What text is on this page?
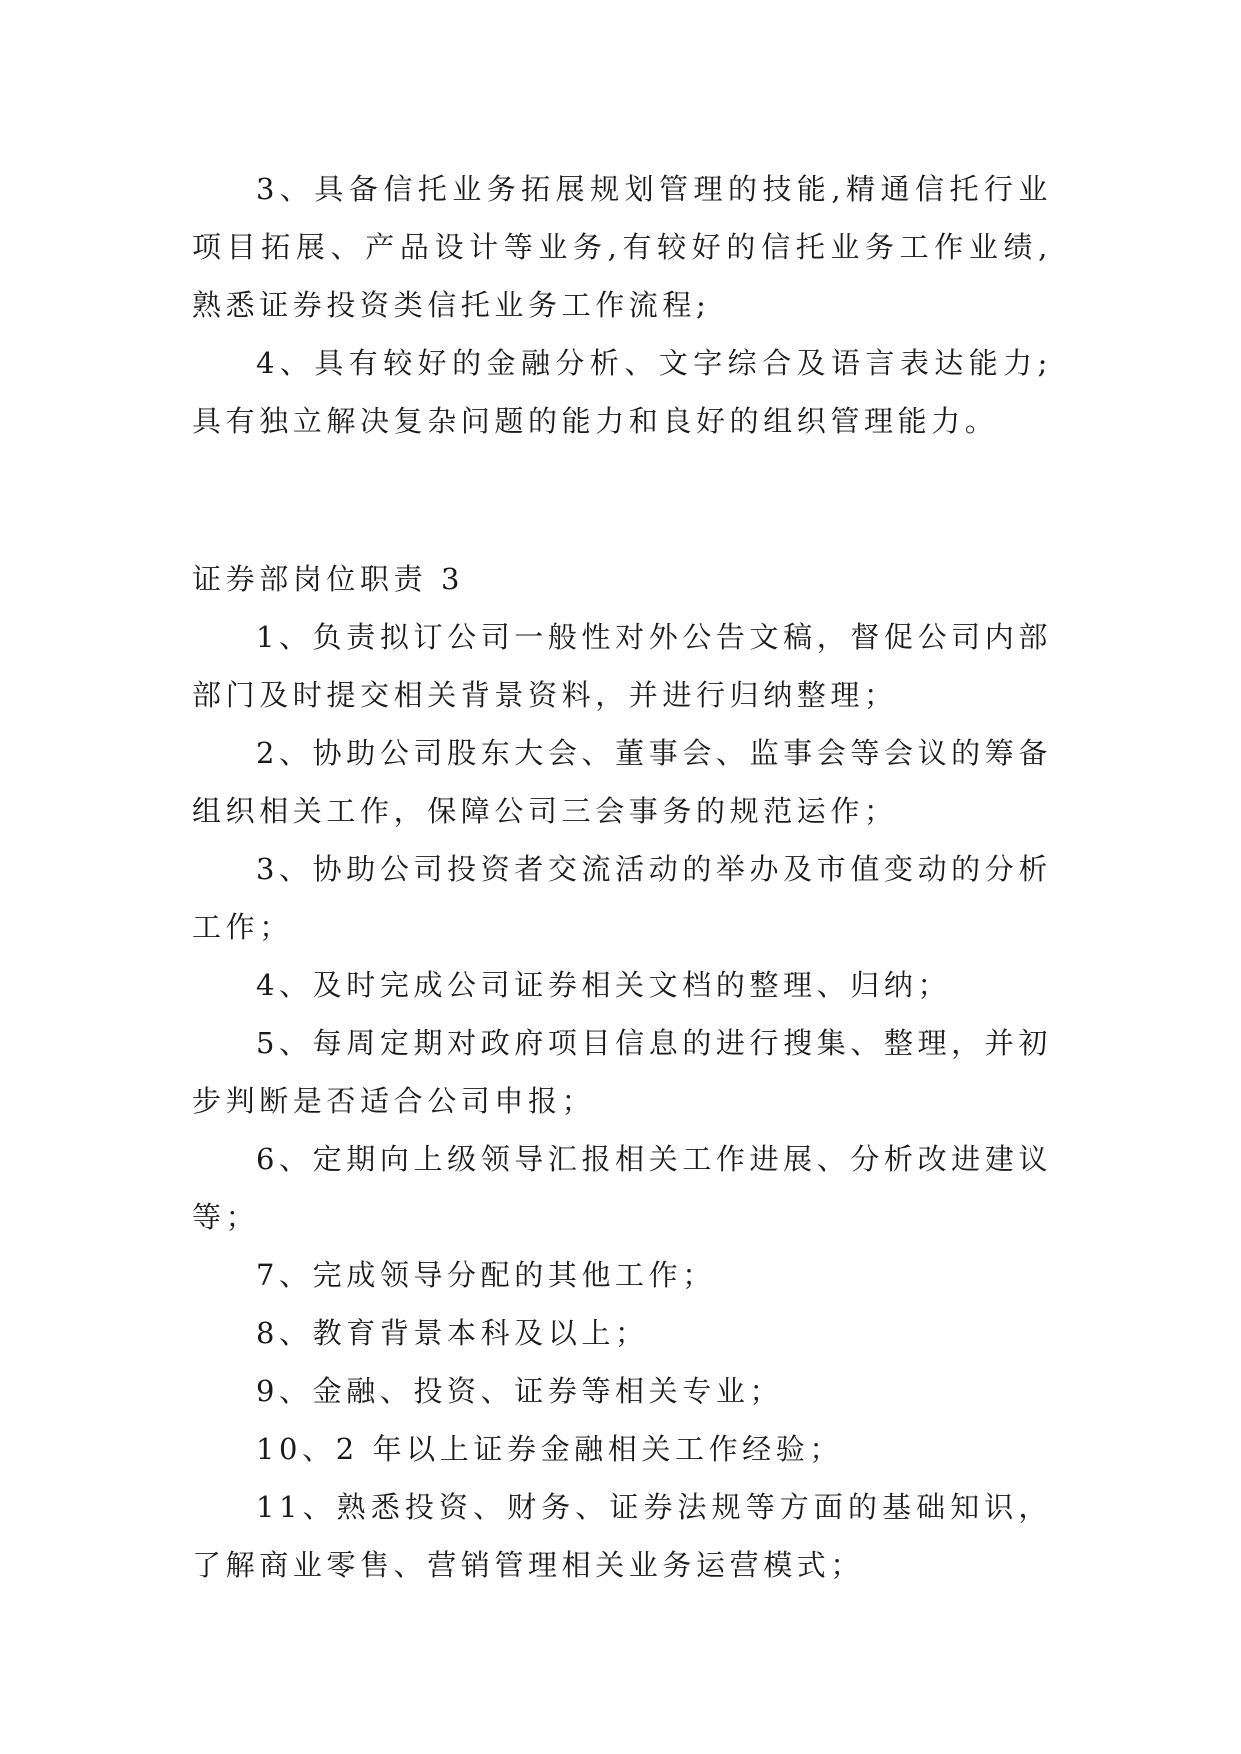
3、具备信托业务拓展规划管理的技能,精通信托行业项目拓展、产品设计等业务,有较好的信托业务工作业绩,熟悉证券投资类信托业务工作流程;

4、具有较好的金融分析、文字综合及语言表达能力;具有独立解决复杂问题的能力和良好的组织管理能力。

证券部岗位职责 3

1、负责拟订公司一般性对外公告文稿，督促公司内部部门及时提交相关背景资料，并进行归纳整理；

2、协助公司股东大会、董事会、监事会等会议的筹备组织相关工作，保障公司三会事务的规范运作；

3、协助公司投资者交流活动的举办及市值变动的分析工作；

4、及时完成公司证券相关文档的整理、归纳；

5、每周定期对政府项目信息的进行搜集、整理，并初步判断是否适合公司申报；

6、定期向上级领导汇报相关工作进展、分析改进建议等；

7、完成领导分配的其他工作；

8、教育背景本科及以上；

9、金融、投资、证券等相关专业；

10、2 年以上证券金融相关工作经验；

11、熟悉投资、财务、证券法规等方面的基础知识，了解商业零售、营销管理相关业务运营模式；
